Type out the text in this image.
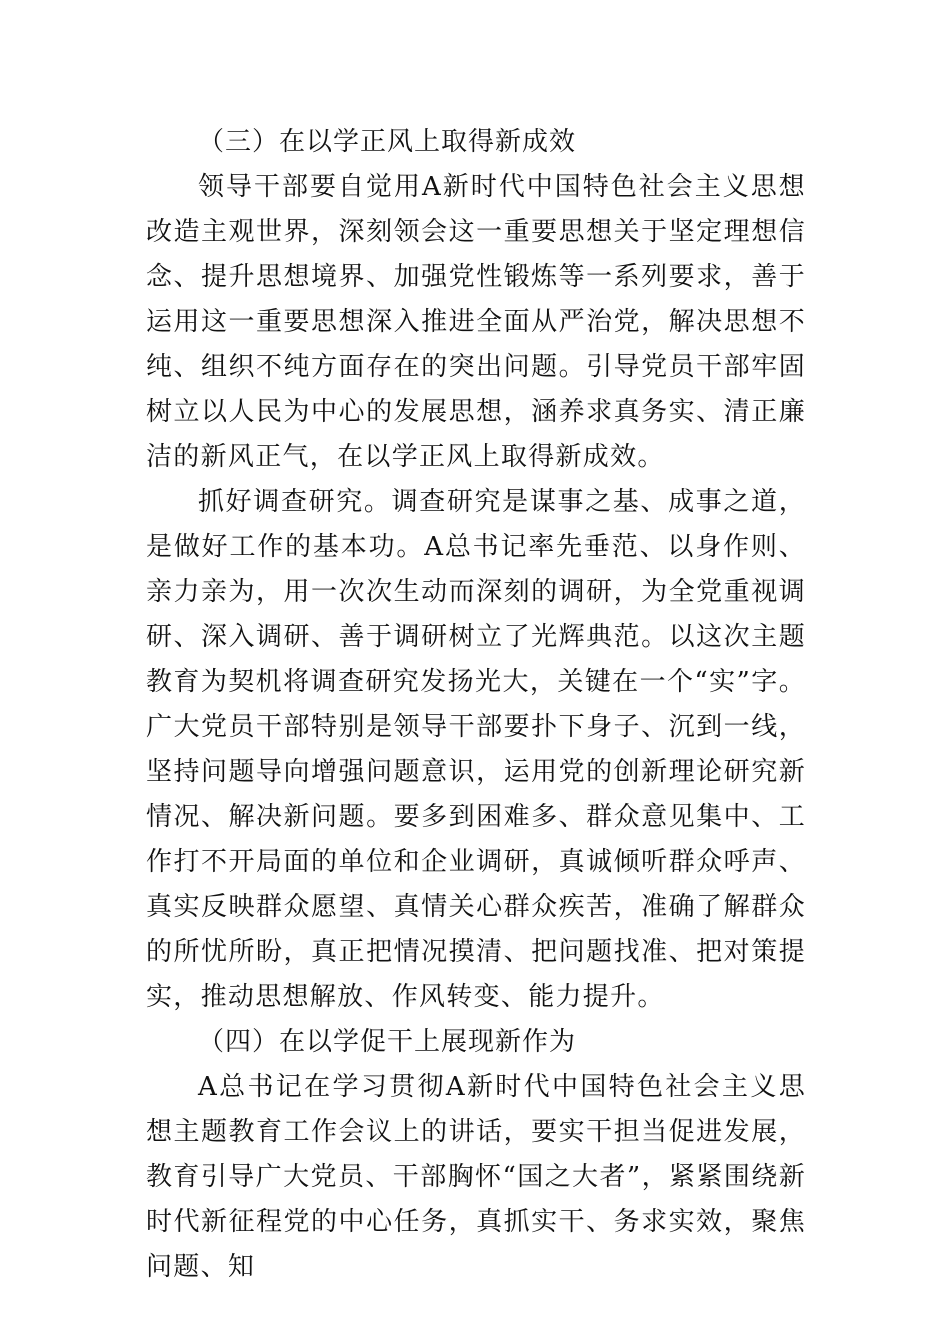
（三）在以学正风上取得新成效

领导干部要自觉用A新时代中国特色社会主义思想改造主观世界，深刻领会这一重要思想关于坚定理想信念、提升思想境界、加强党性锻炼等一系列要求，善于运用这一重要思想深入推进全面从严治党，解决思想不纯、组织不纯方面存在的突出问题。引导党员干部牢固树立以人民为中心的发展思想，涵养求真务实、清正廉洁的新风正气，在以学正风上取得新成效。

抓好调查研究。调查研究是谋事之基、成事之道，是做好工作的基本功。A总书记率先垂范、以身作则、亲力亲为，用一次次生动而深刻的调研，为全党重视调研、深入调研、善于调研树立了光辉典范。以这次主题教育为契机将调查研究发扬光大，关键在一个“实”字。广大党员干部特别是领导干部要扑下身子、沉到一线，坚持问题导向增强问题意识，运用党的创新理论研究新情况、解决新问题。要多到困难多、群众意见集中、工作打不开局面的单位和企业调研，真诚倾听群众呼声、真实反映群众愿望、真情关心群众疾苦，准确了解群众的所忧所盼，真正把情况摸清、把问题找准、把对策提实，推动思想解放、作风转变、能力提升。

（四）在以学促干上展现新作为

A总书记在学习贯彻A新时代中国特色社会主义思想主题教育工作会议上的讲话，要实干担当促进发展，教育引导广大党员、干部胸怀“国之大者”，紧紧围绕新时代新征程党的中心任务，真抓实干、务求实效，聚焦问题、知
